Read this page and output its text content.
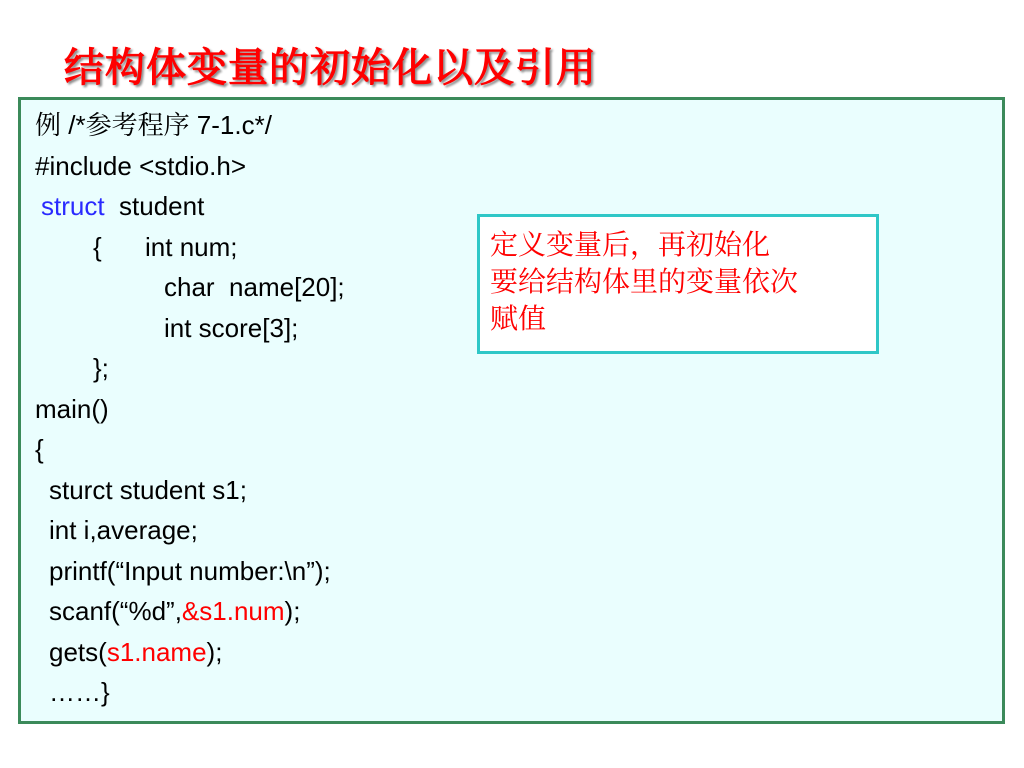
结构体变量的初始化以及引用
例 /*参考程序 7-1.c*/
#include <stdio.h>
struct  student
{      int num;
char  name[20];
int score[3];
};
main()
{
sturct student s1;
int i,average;
printf(“Input number:\n”);
scanf(“%d”,&s1.num);
gets(s1.name);
……}
定义变量后，再初始化
要给结构体里的变量依次
赋值
